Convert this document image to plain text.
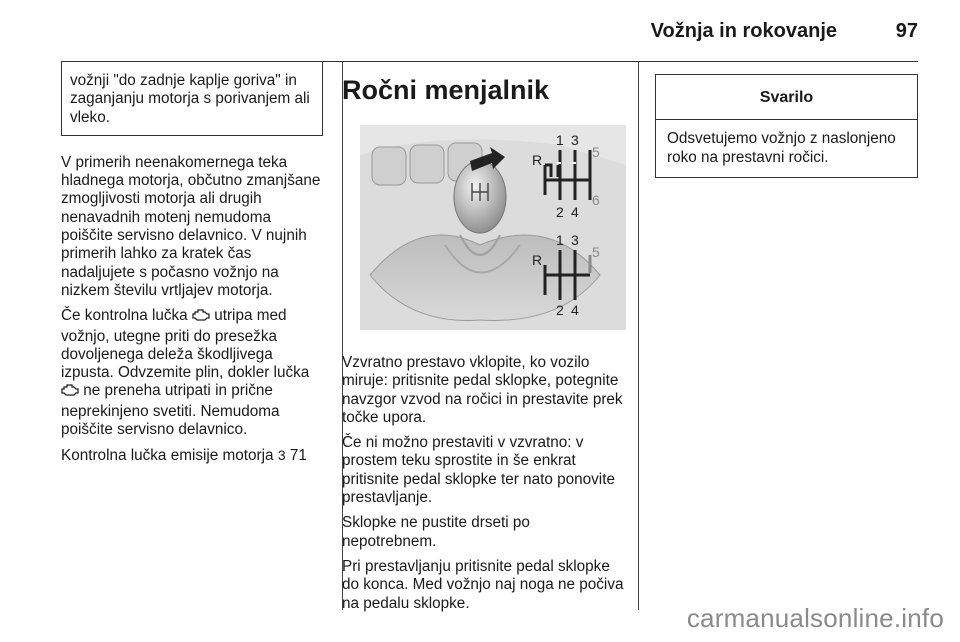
Vožnja in rokovanje	97
vožnji "do zadnje kaplje goriva" in zaganjanju motorja s porivanjem ali vleko.

V primerih neenakomernega teka hladnega motorja, občutno zmanjšane zmogljivosti motorja ali drugih nenavadnih motenj nemudoma poiščite servisno delavnico. V nujnih primerih lahko za kratek čas nadaljujete s počasno vožnjo na nizkem številu vrtljajev motorja.

Če kontrolna lučka utripa med vožnjo, utegne priti do presežka dovoljenega deleža škodljivega izpusta. Odvzemite plin, dokler lučka  ne preneha utripati in prične neprekinjeno svetiti. Nemudoma poiščite servisno delavnico.

Kontrolna lučka emisije motorja 3 71

Ročni menjalnik
R
1 3
5
2 4
6
R
1 3
5
2 4

Vzvratno prestavo vklopite, ko vozilo miruje: pritisnite pedal sklopke, potegnite navzgor vzvod na ročici in prestavite prek točke upora.

Če ni možno prestaviti v vzvratno: v prostem teku sprostite in še enkrat pritisnite pedal sklopke ter nato ponovite prestavljanje.

Sklopke ne pustite drseti po nepotrebnem.

Pri prestavljanju pritisnite pedal sklopke do konca. Med vožnjo naj noga ne počiva na pedalu sklopke.

Svarilo
Odsvetujemo vožnjo z naslonjeno roko na prestavni ročici.
carmanualsonline.info
